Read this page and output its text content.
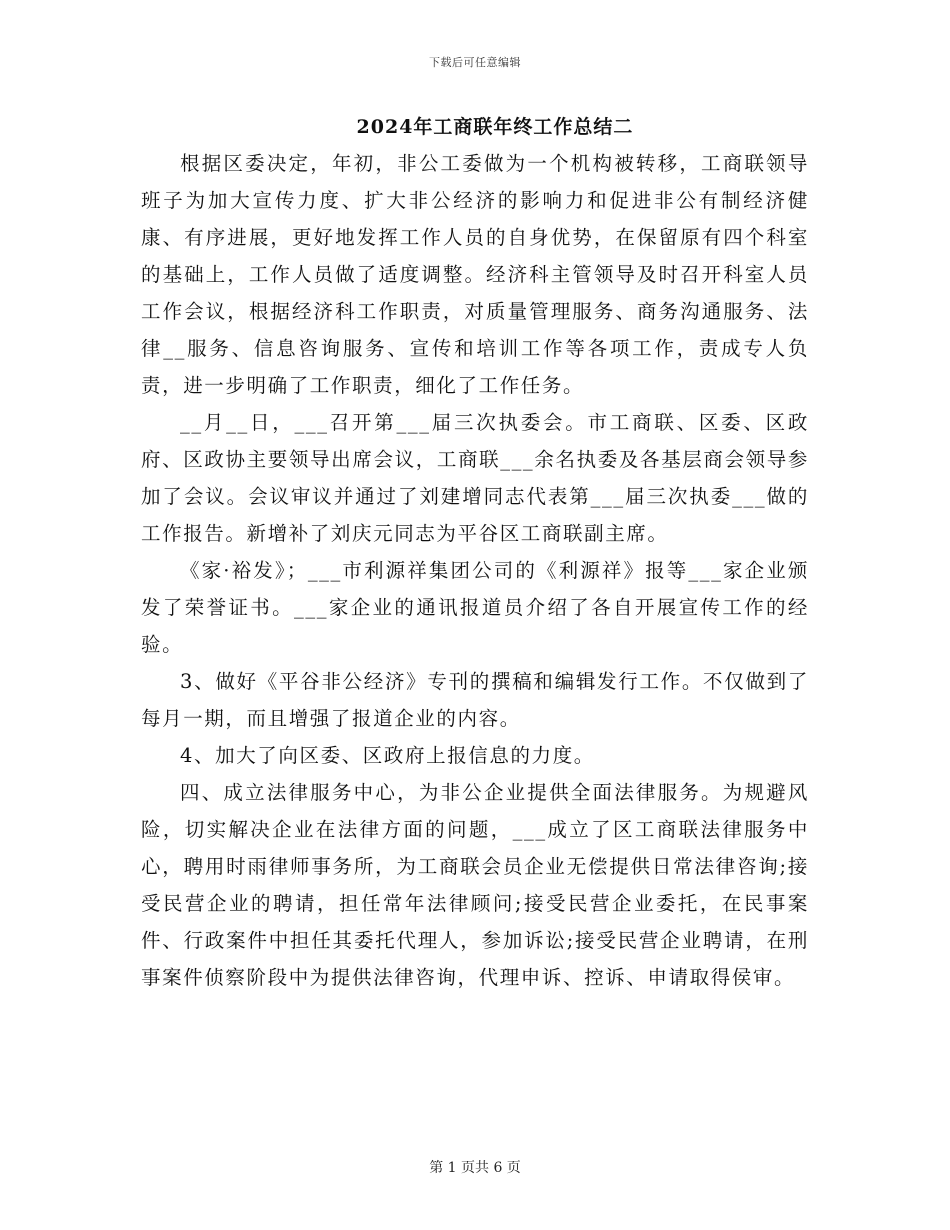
下载后可任意编辑
2024年工商联年终工作总结二

根据区委决定，年初，非公工委做为一个机构被转移，工商联领导班子为加大宣传力度、扩大非公经济的影响力和促进非公有制经济健康、有序进展，更好地发挥工作人员的自身优势，在保留原有四个科室的基础上，工作人员做了适度调整。经济科主管领导及时召开科室人员工作会议，根据经济科工作职责，对质量管理服务、商务沟通服务、法律__服务、信息咨询服务、宣传和培训工作等各项工作，责成专人负责，进一步明确了工作职责，细化了工作任务。

__月__日，___召开第___届三次执委会。市工商联、区委、区政府、区政协主要领导出席会议，工商联___余名执委及各基层商会领导参加了会议。会议审议并通过了刘建增同志代表第___届三次执委___做的工作报告。新增补了刘庆元同志为平谷区工商联副主席。

《家·裕发》；___市利源祥集团公司的《利源祥》报等___家企业颁发了荣誉证书。___家企业的通讯报道员介绍了各自开展宣传工作的经验。

3、做好《平谷非公经济》专刊的撰稿和编辑发行工作。不仅做到了每月一期，而且增强了报道企业的内容。

4、加大了向区委、区政府上报信息的力度。

四、成立法律服务中心，为非公企业提供全面法律服务。为规避风险，切实解决企业在法律方面的问题，___成立了区工商联法律服务中心，聘用时雨律师事务所，为工商联会员企业无偿提供日常法律咨询;接受民营企业的聘请，担任常年法律顾问;接受民营企业委托，在民事案件、行政案件中担任其委托代理人，参加诉讼;接受民营企业聘请，在刑事案件侦察阶段中为提供法律咨询，代理申诉、控诉、申请取得侯审。

第 1 页共 6 页
